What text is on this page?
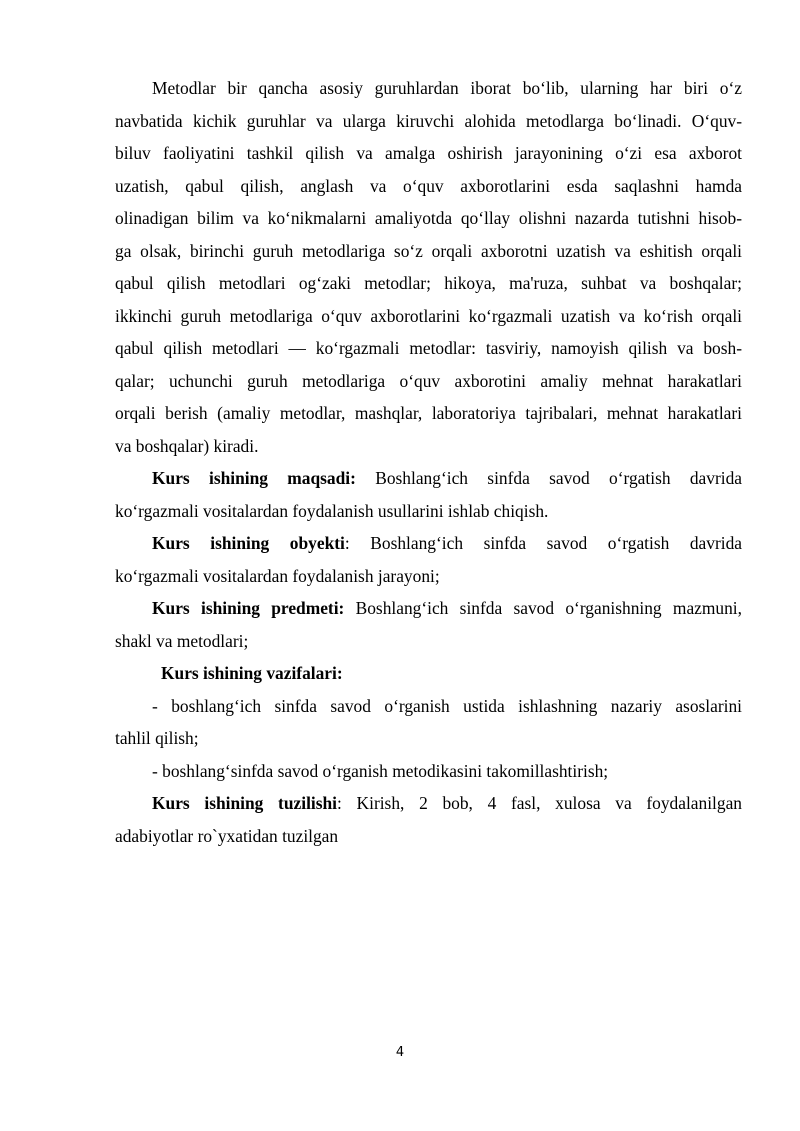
Metodlar bir qancha asosiy guruhlardan iborat bo‘lib, ularning har biri o‘z
navbatida kichik guruhlar va ularga kiruvchi alohida metodlarga bo‘linadi. O‘quv-
biluv faoliyatini tashkil qilish va amalga oshirish jarayonining o‘zi esa axborot
uzatish, qabul qilish, anglash va o‘quv axborotlarini esda saqlashni hamda
olinadigan bilim va ko‘nikmalarni amaliyotda qo‘llay olishni nazarda tutishni hisob-
ga olsak, birinchi guruh metodlariga so‘z orqali axborotni uzatish va eshitish orqali
qabul qilish metodlari og‘zaki metodlar; hikoya, ma'ruza, suhbat va boshqalar;
ikkinchi guruh metodlariga o‘quv axborotlarini ko‘rgazmali uzatish va ko‘rish orqali
qabul qilish metodlari — ko‘rgazmali metodlar: tasviriy, namoyish qilish va bosh-
qalar; uchunchi guruh metodlariga o‘quv axborotini amaliy mehnat harakatlari
orqali berish (amaliy metodlar, mashqlar, laboratoriya tajribalari, mehnat harakatlari
va boshqalar) kiradi.
Kurs ishining maqsadi: Boshlang‘ich sinfda savod o‘rgatish davrida
ko‘rgazmali vositalardan foydalanish usullarini ishlab chiqish.
Kurs ishining obyekti: Boshlang‘ich sinfda savod o‘rgatish davrida
ko‘rgazmali vositalardan foydalanish jarayoni;
Kurs ishining predmeti: Boshlang‘ich sinfda savod o‘rganishning mazmuni,
shakl va metodlari;
Kurs ishining vazifalari:
- boshlang‘ich sinfda savod o‘rganish ustida ishlashning nazariy asoslarini
tahlil qilish;
- boshlang‘sinfda savod o‘rganish metodikasini takomillashtirish;
Kurs ishining tuzilishi: Kirish, 2 bob, 4 fasl, xulosa va foydalanilgan
adabiyotlar ro`yxatidan tuzilgan
4
